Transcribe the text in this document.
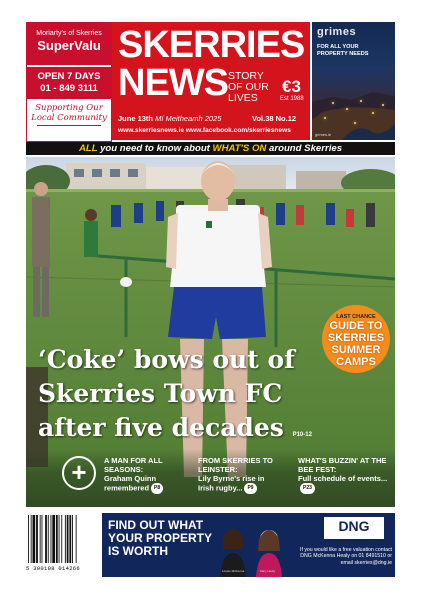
Moriarty's of Skerries
SuperValu
OPEN 7 DAYS
01 - 849 3111
Supporting Our
Local Community
SKERRIES
NEWS STORY OF OUR LIVES
€3
Est 1988
June 13th Mí Meitheamh 2025	Vol.38 No.12
www.skerriesnews.ie www.facebook.com/skerriesnews
grimes
FOR ALL YOUR
PROPERTY NEEDS
grimes.ie
ALL you need to know about WHAT'S ON around Skerries
‘Coke’ bows out of
Skerries Town FC
after five decades P10-12
LAST CHANCE
GUIDE TO
SKERRIES
SUMMER
CAMPS
+	A MAN FOR ALL SEASONS:
Graham Quinn remembered P8
FROM SKERRIES TO LEINSTER:
Lily Byrne's rise in Irish rugby... P9
WHAT'S BUZZIN' AT THE BEE FEST:
Full schedule of events...P23
5 390108 014266
FIND OUT WHAT
YOUR PROPERTY
IS WORTH
Louise McKenna	Mary Healy
DNG
McKENNA HEALY
If you would like a free valuation contact
DNG McKenna Healy on 01 8491510 or
email skerries@dng.ie
